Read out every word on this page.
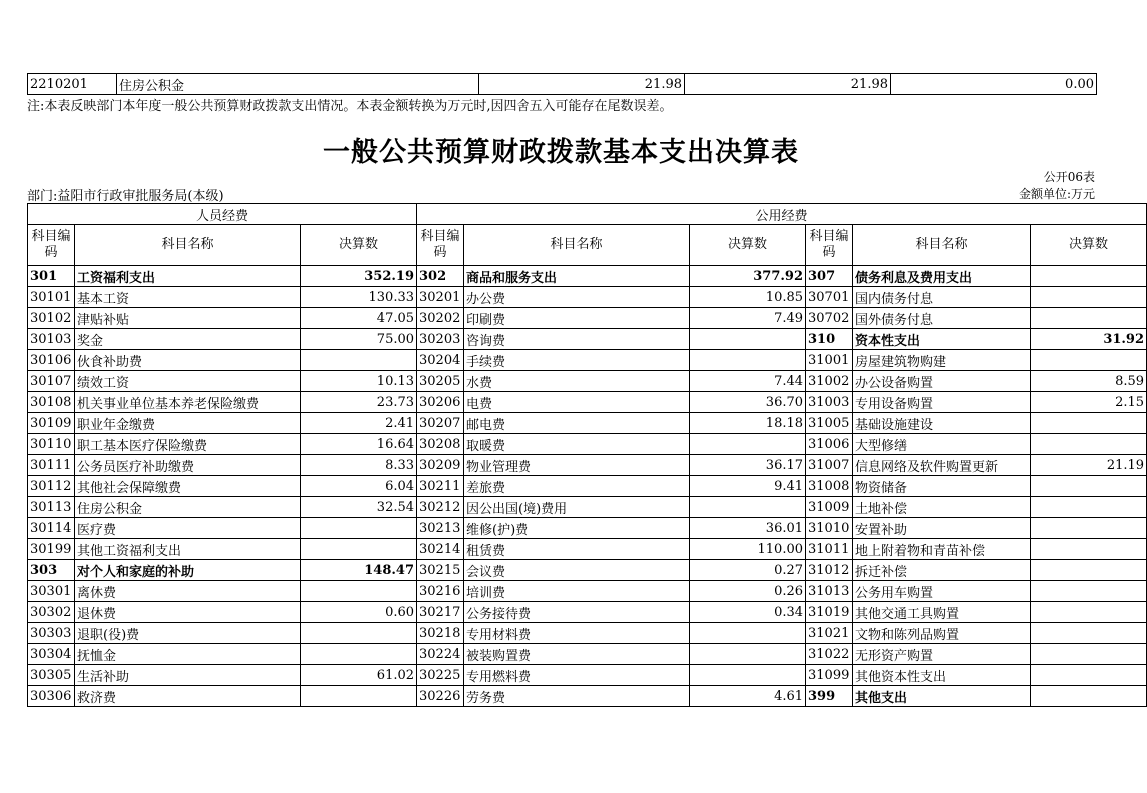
2210201	住房公积金	21.98	21.98	0.00
注:本表反映部门本年度一般公共预算财政拨款支出情况。本表金额转换为万元时,因四舍五入可能存在尾数误差。
一般公共预算财政拨款基本支出决算表
公开06表
部门:益阳市行政审批服务局(本级)	金额单位:万元
人员经费			公用经费					
科目编码	科目名称	决算数	科目编码	科目名称	决算数	科目编码	科目名称	决算数
301	工资福利支出	352.19	302	商品和服务支出	377.92	307	债务利息及费用支出	
30101	基本工资	130.33	30201	办公费	10.85	30701	国内债务付息	
30102	津贴补贴	47.05	30202	印刷费	7.49	30702	国外债务付息	
30103	奖金	75.00	30203	咨询费		310	资本性支出	31.92
30106	伙食补助费		30204	手续费		31001	房屋建筑物购建	
30107	绩效工资	10.13	30205	水费	7.44	31002	办公设备购置	8.59
30108	机关事业单位基本养老保险缴费	23.73	30206	电费	36.70	31003	专用设备购置	2.15
30109	职业年金缴费	2.41	30207	邮电费	18.18	31005	基础设施建设	
30110	职工基本医疗保险缴费	16.64	30208	取暖费		31006	大型修缮	
30111	公务员医疗补助缴费	8.33	30209	物业管理费	36.17	31007	信息网络及软件购置更新	21.19
30112	其他社会保障缴费	6.04	30211	差旅费	9.41	31008	物资储备	
30113	住房公积金	32.54	30212	因公出国(境)费用		31009	土地补偿	
30114	医疗费		30213	维修(护)费	36.01	31010	安置补助	
30199	其他工资福利支出		30214	租赁费	110.00	31011	地上附着物和青苗补偿	
303	对个人和家庭的补助	148.47	30215	会议费	0.27	31012	拆迁补偿	
30301	离休费		30216	培训费	0.26	31013	公务用车购置	
30302	退休费	0.60	30217	公务接待费	0.34	31019	其他交通工具购置	
30303	退职(役)费		30218	专用材料费		31021	文物和陈列品购置	
30304	抚恤金		30224	被装购置费		31022	无形资产购置	
30305	生活补助	61.02	30225	专用燃料费		31099	其他资本性支出	
30306	救济费		30226	劳务费	4.61	399	其他支出	
